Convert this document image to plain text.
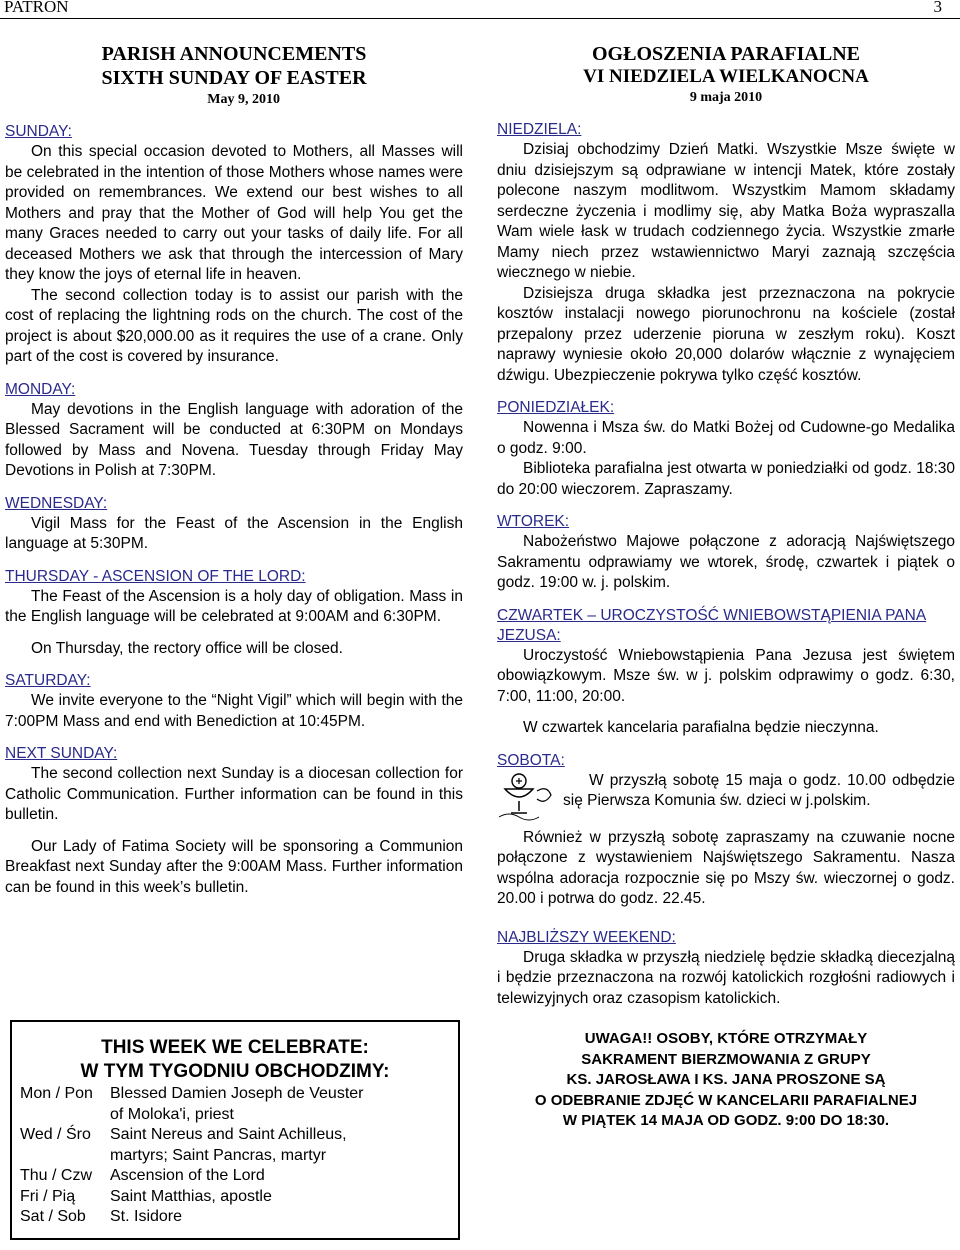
PATRON	3
PARISH ANNOUNCEMENTS
SIXTH SUNDAY OF EASTER
May 9, 2010
SUNDAY:

On this special occasion devoted to Mothers, all Masses will be celebrated in the intention of those Mothers whose names were provided on remembrances. We extend our best wishes to all Mothers and pray that the Mother of God will help You get the many Graces needed to carry out your tasks of daily life. For all deceased Mothers we ask that through the intercession of Mary they know the joys of eternal life in heaven.

The second collection today is to assist our parish with the cost of replacing the lightning rods on the church. The cost of the project is about $20,000.00 as it requires the use of a crane. Only part of the cost is covered by insurance.

MONDAY:

May devotions in the English language with adoration of the Blessed Sacrament will be conducted at 6:30PM on Mondays followed by Mass and Novena. Tuesday through Friday May Devotions in Polish at 7:30PM.

WEDNESDAY:

Vigil Mass for the Feast of the Ascension in the English language at 5:30PM.

THURSDAY - ASCENSION OF THE LORD:

The Feast of the Ascension is a holy day of obligation. Mass in the English language will be celebrated at 9:00AM and 6:30PM.

On Thursday, the rectory office will be closed.

SATURDAY:

We invite everyone to the “Night Vigil” which will begin with the 7:00PM Mass and end with Benediction at 10:45PM.

NEXT SUNDAY:

The second collection next Sunday is a diocesan collection for Catholic Communication. Further information can be found in this bulletin.

Our Lady of Fatima Society will be sponsoring a Communion Breakfast next Sunday after the 9:00AM Mass. Further information can be found in this week’s bulletin.

THIS WEEK WE CELEBRATE:
W TYM TYGODNIU OBCHODZIMY:
Mon / Pon Blessed Damien Joseph de Veuster
of Moloka'i, priest
Wed / Śro Saint Nereus and Saint Achilleus,
martyrs; Saint Pancras, martyr
Thu / Czw Ascension of the Lord
Fri / Pią Saint Matthias, apostle
Sat / Sob St. Isidore
OGŁOSZENIA PARAFIALNE
VI NIEDZIELA WIELKANOCNA
9 maja 2010
NIEDZIELA:

Dzisiaj obchodzimy Dzień Matki. Wszystkie Msze święte w dniu dzisiejszym są odprawiane w intencji Matek, które zostały polecone naszym modlitwom. Wszystkim Mamom składamy serdeczne życzenia i modlimy się, aby Matka Boża wypraszalla Wam wiele łask w trudach codziennego życia. Wszystkie zmarłe Mamy niech przez wstawiennictwo Maryi zaznają szczęścia wiecznego w niebie.

Dzisiejsza druga składka jest przeznaczona na pokrycie kosztów instalacji nowego piorunochronu na kościele (został przepalony przez uderzenie pioruna w zeszłym roku). Koszt naprawy wyniesie około 20,000 dolarów włącznie z wynajęciem dźwigu. Ubezpieczenie pokrywa tylko część kosztów.

PONIEDZIAŁEK:

Nowenna i Msza św. do Matki Bożej od Cudowne-go Medalika o godz. 9:00.

Biblioteka parafialna jest otwarta w poniedziałki od godz. 18:30 do 20:00 wieczorem. Zapraszamy.

WTOREK:

Nabożeństwo Majowe połączone z adoracją Najświętszego Sakramentu odprawiamy we wtorek, środę, czwartek i piątek o godz. 19:00 w. j. polskim.

CZWARTEK – UROCZYSTOŚĆ WNIEBOWSTĄPIENIA PANA JEZUSA:

Uroczystość Wniebowstąpienia Pana Jezusa jest świętem obowiązkowym. Msze św. w j. polskim odprawimy o godz. 6:30, 7:00, 11:00, 20:00.

W czwartek kancelaria parafialna będzie nieczynna.

SOBOTA:

W przyszłą sobotę 15 maja o godz. 10.00 odbędzie się Pierwsza Komunia św. dzieci w j.polskim.

Również w przyszłą sobotę zapraszamy na czuwanie nocne połączone z wystawieniem Najświętszego Sakramentu. Nasza wspólna adoracja rozpocznie się po Mszy św. wieczornej o godz. 20.00 i potrwa do godz. 22.45.

NAJBLIŻSZY WEEKEND:

Druga składka w przyszłą niedzielę będzie składką diecezjalną i będzie przeznaczona na rozwój katolickich rozgłośni radiowych i telewizyjnych oraz czasopism katolickich.

UWAGA!! OSOBY, KTÓRE OTRZYMAŁY
SAKRAMENT BIERZMOWANIA Z GRUPY
KS. JAROSŁAWA I KS. JANA PROSZONE SĄ
O ODEBRANIE ZDJĘĆ W KANCELARII PARAFIALNEJ
W PIĄTEK 14 MAJA OD GODZ. 9:00 DO 18:30.
